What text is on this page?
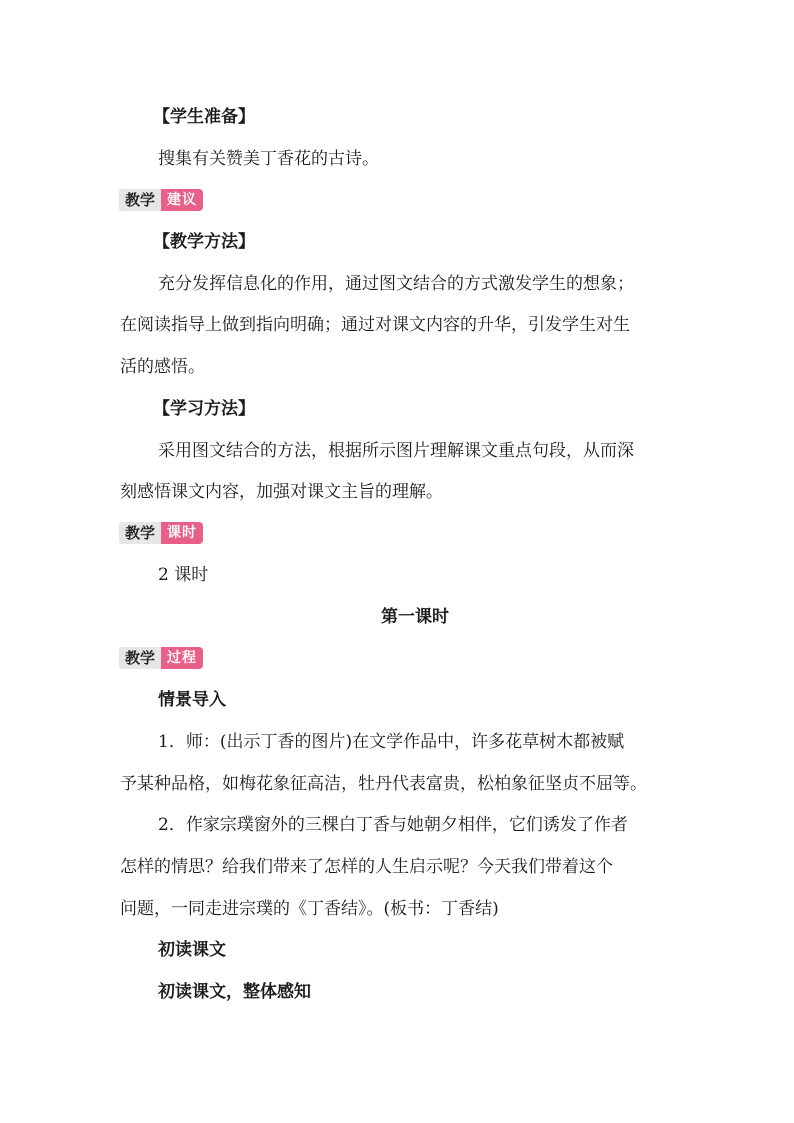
【学生准备】
搜集有关赞美丁香花的古诗。
教学 建议
【教学方法】
充分发挥信息化的作用，通过图文结合的方式激发学生的想象；
在阅读指导上做到指向明确；通过对课文内容的升华，引发学生对生
活的感悟。
【学习方法】
采用图文结合的方法，根据所示图片理解课文重点句段，从而深
刻感悟课文内容，加强对课文主旨的理解。
教学 课时
2 课时
第一课时
教学 过程
情景导入
1．师：(出示丁香的图片)在文学作品中，许多花草树木都被赋
予某种品格，如梅花象征高洁，牡丹代表富贵，松柏象征坚贞不屈等。
2．作家宗璞窗外的三棵白丁香与她朝夕相伴，它们诱发了作者
怎样的情思？给我们带来了怎样的人生启示呢？今天我们带着这个
问题，一同走进宗璞的《丁香结》。(板书：丁香结)
初读课文
初读课文，整体感知
